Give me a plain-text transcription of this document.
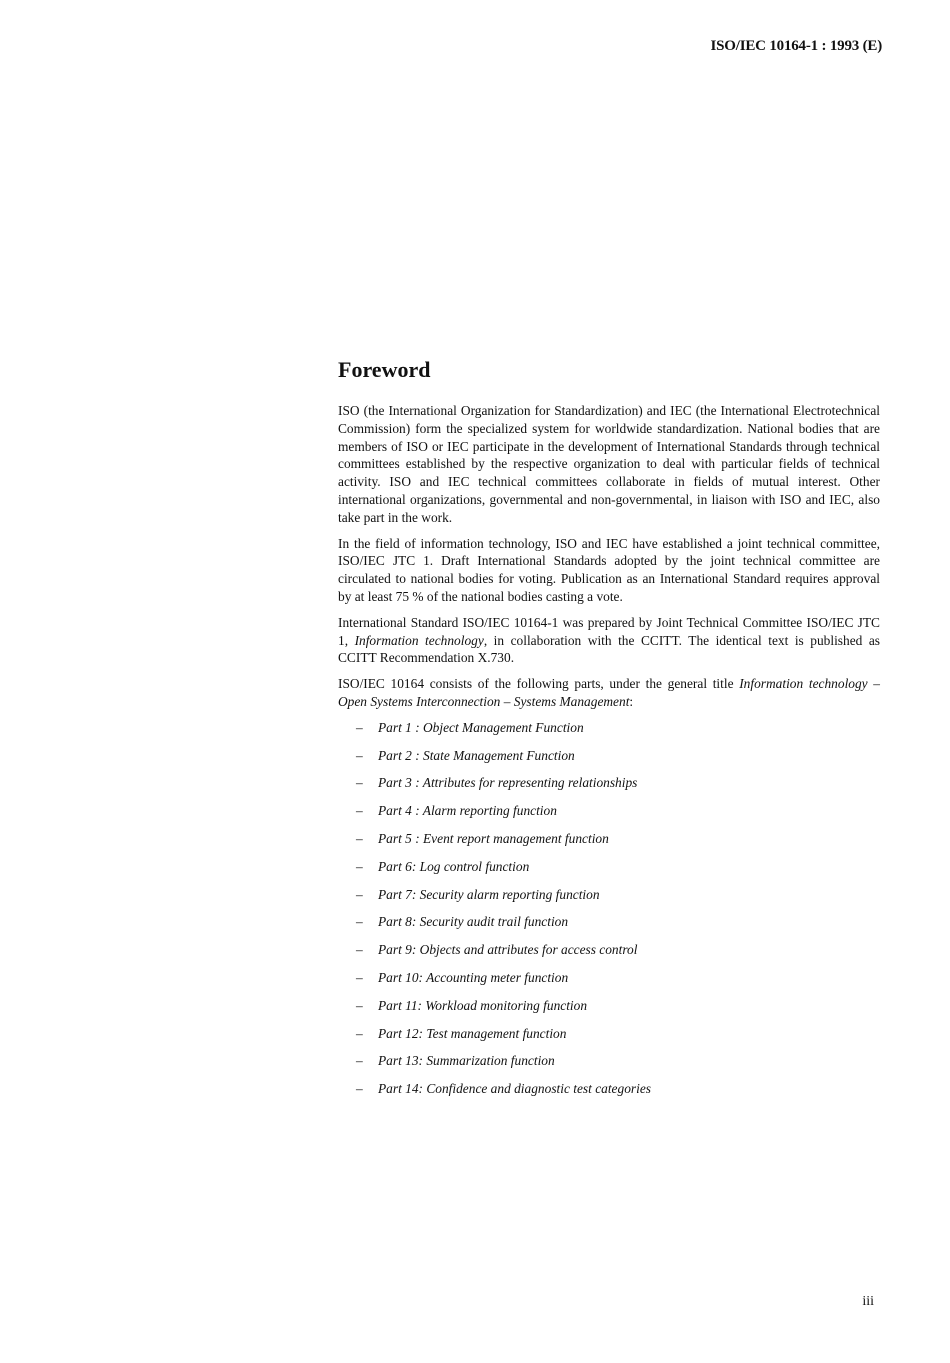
ISO/IEC 10164-1 : 1993 (E)
Foreword

ISO (the International Organization for Standardization) and IEC (the International Electrotechnical Commission) form the specialized system for worldwide standardization. National bodies that are members of ISO or IEC participate in the development of International Standards through technical committees established by the respective organization to deal with particular fields of technical activity. ISO and IEC technical committees collaborate in fields of mutual interest. Other international organizations, governmental and non-governmental, in liaison with ISO and IEC, also take part in the work.

In the field of information technology, ISO and IEC have established a joint technical committee, ISO/IEC JTC 1. Draft International Standards adopted by the joint technical committee are circulated to national bodies for voting. Publication as an International Standard requires approval by at least 75 % of the national bodies casting a vote.

International Standard ISO/IEC 10164-1 was prepared by Joint Technical Committee ISO/IEC JTC 1, Information technology, in collaboration with the CCITT. The identical text is published as CCITT Recommendation X.730.

ISO/IEC 10164 consists of the following parts, under the general title Information technology – Open Systems Interconnection – Systems Management:

– Part 1 : Object Management Function
– Part 2 : State Management Function
– Part 3 : Attributes for representing relationships
– Part 4 : Alarm reporting function
– Part 5 : Event report management function
– Part 6: Log control function
– Part 7: Security alarm reporting function
– Part 8: Security audit trail function
– Part 9: Objects and attributes for access control
– Part 10: Accounting meter function
– Part 11: Workload monitoring function
– Part 12: Test management function
– Part 13: Summarization function
– Part 14: Confidence and diagnostic test categories
iii
